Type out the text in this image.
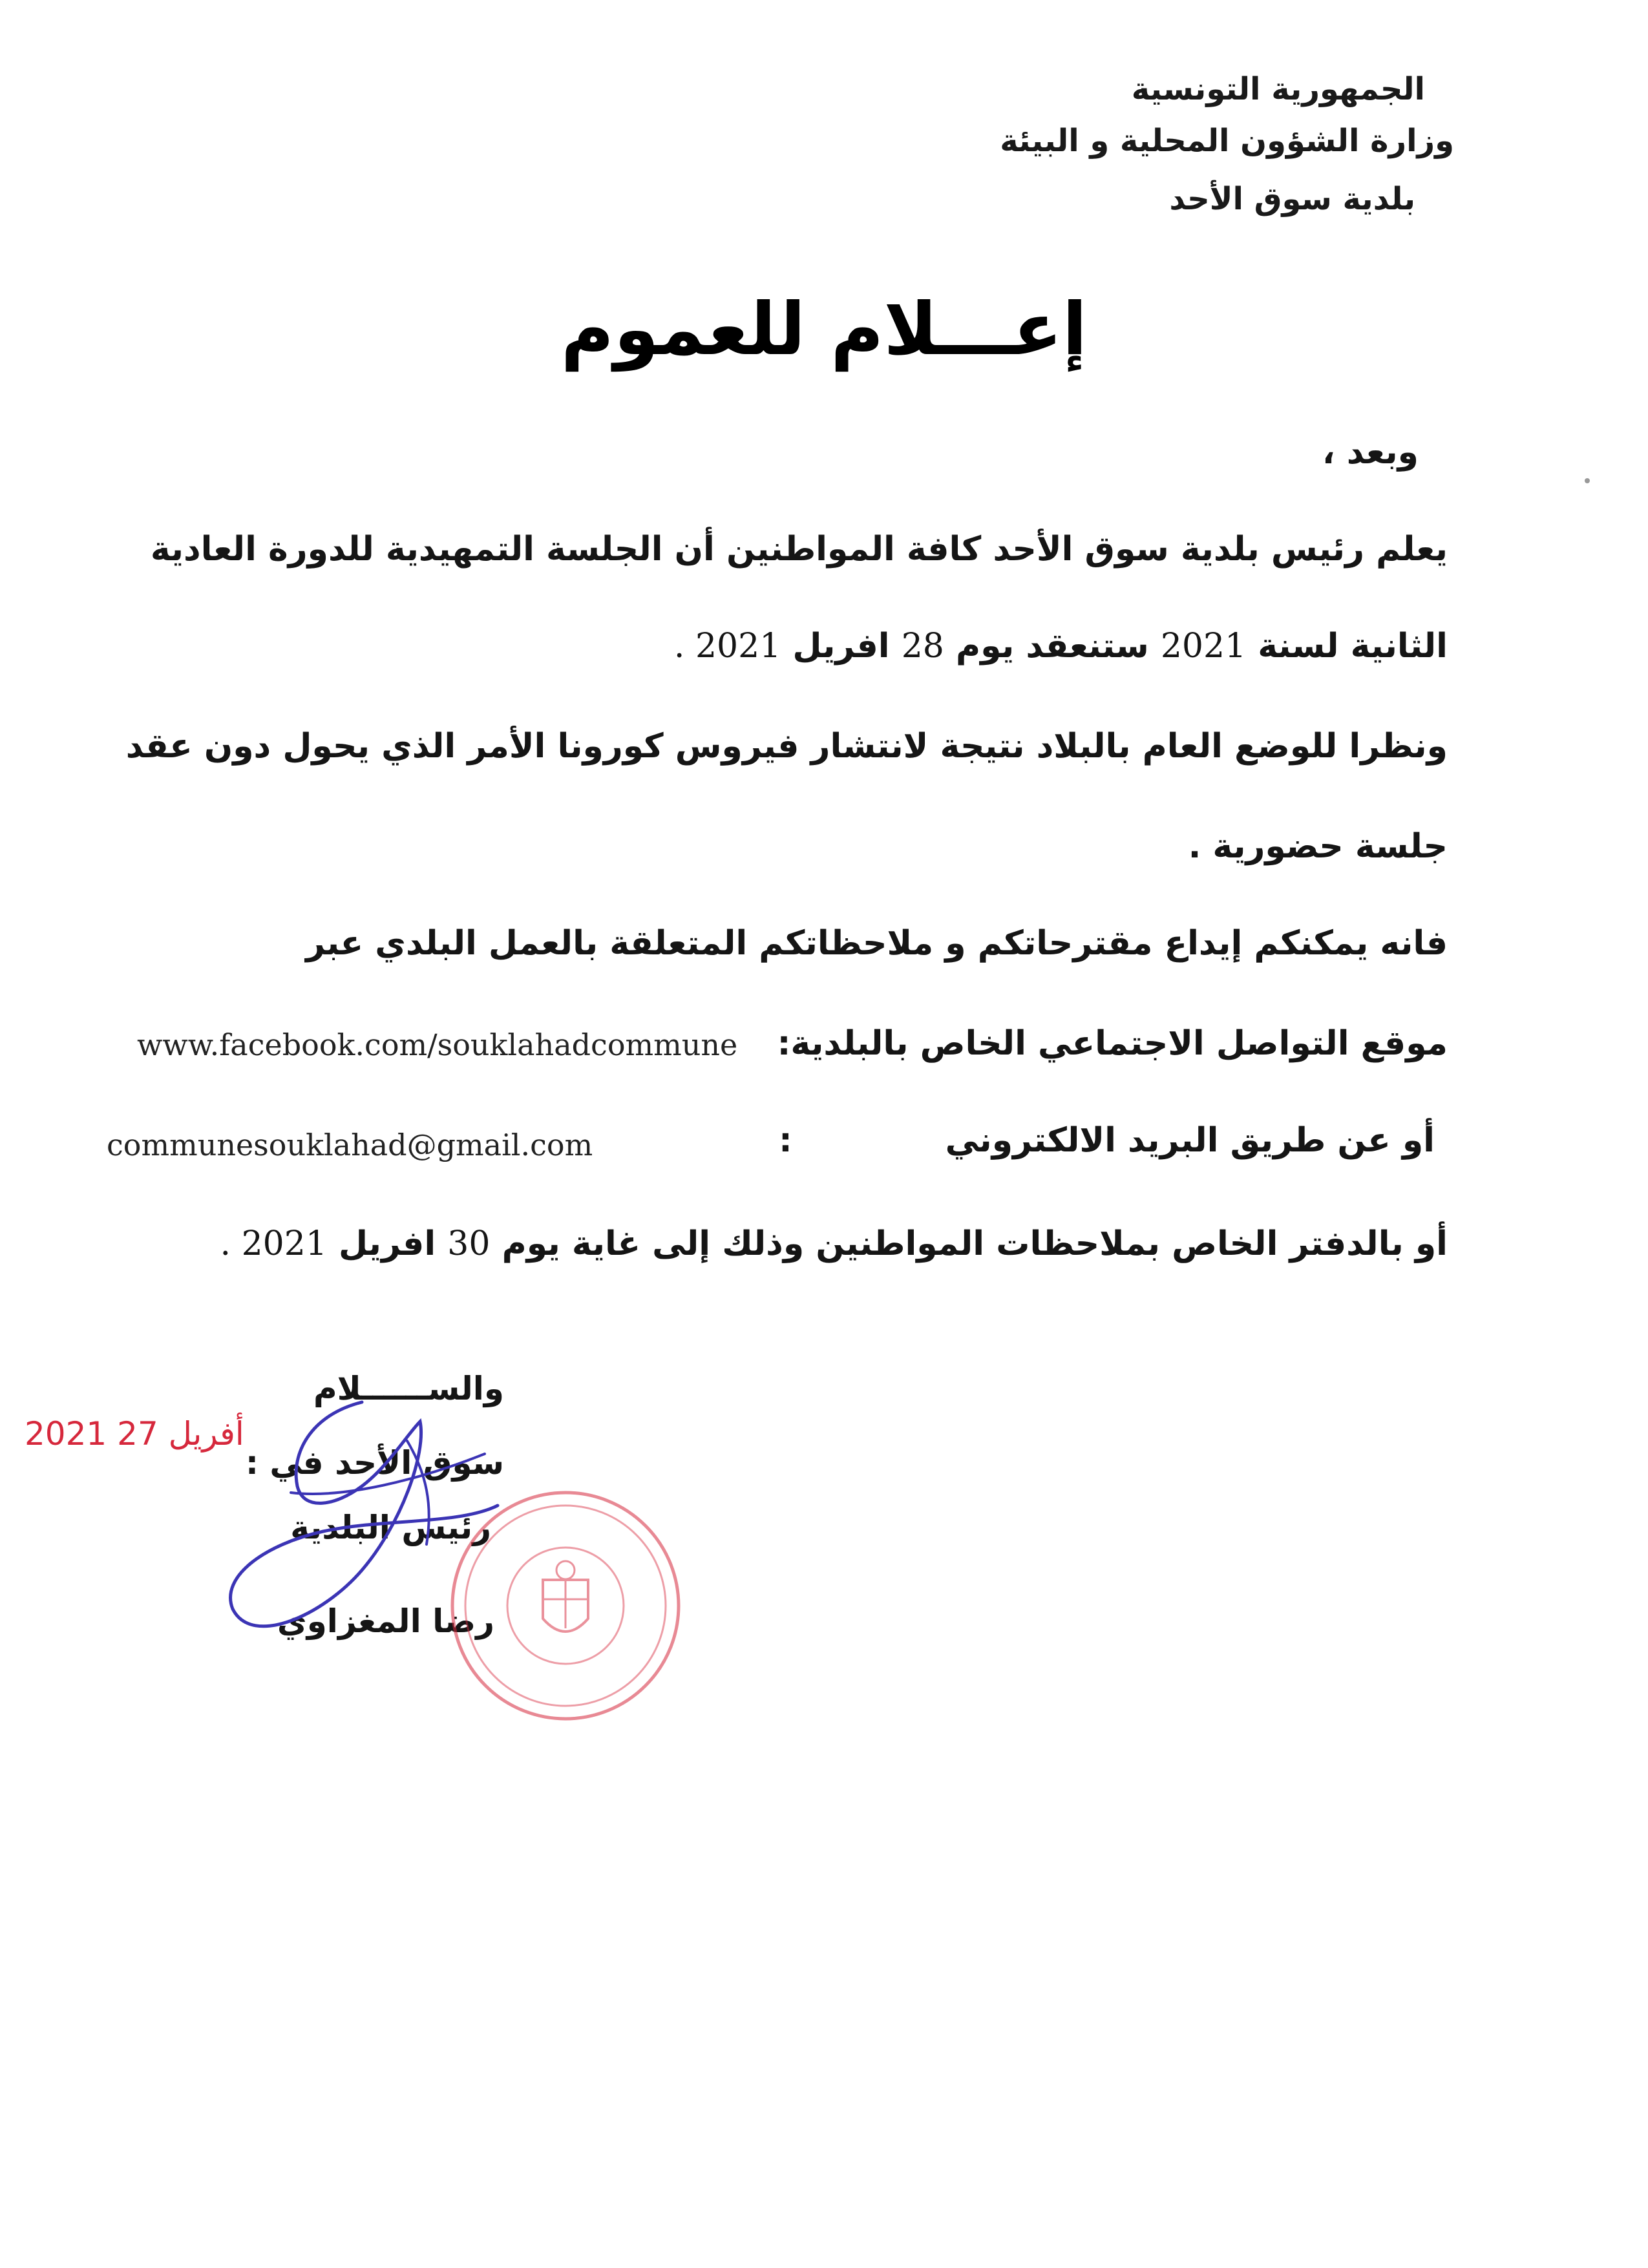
الجمهورية التونسية
وزارة الشؤون المحلية و البيئة
بلدية سوق الأحد
إعـــلام للعموم
وبعد ،
يعلم رئيس بلدية سوق الأحد كافة المواطنين أن الجلسة التمهيدية للدورة العادية
الثانية لسنة 2021 ستنعقد يوم 28 افريل 2021 .
ونظرا للوضع العام بالبلاد نتيجة لانتشار فيروس كورونا الأمر الذي يحول دون عقد
جلسة حضورية .
فانه يمكنكم إيداع مقترحاتكم و ملاحظاتكم المتعلقة بالعمل البلدي عبر
موقع التواصل الاجتماعي الخاص بالبلدية:
www.facebook.com/souklahadcommune
أو عن طريق البريد الالكتروني
:
communesouklahad@gmail.com
أو بالدفتر الخاص بملاحظات المواطنين وذلك إلى غاية يوم 30 افريل 2021 .
والســــــلام
سوق الأحد في :
رئيس البلدية
رضا المغزاوي
2021 أفريل 27
